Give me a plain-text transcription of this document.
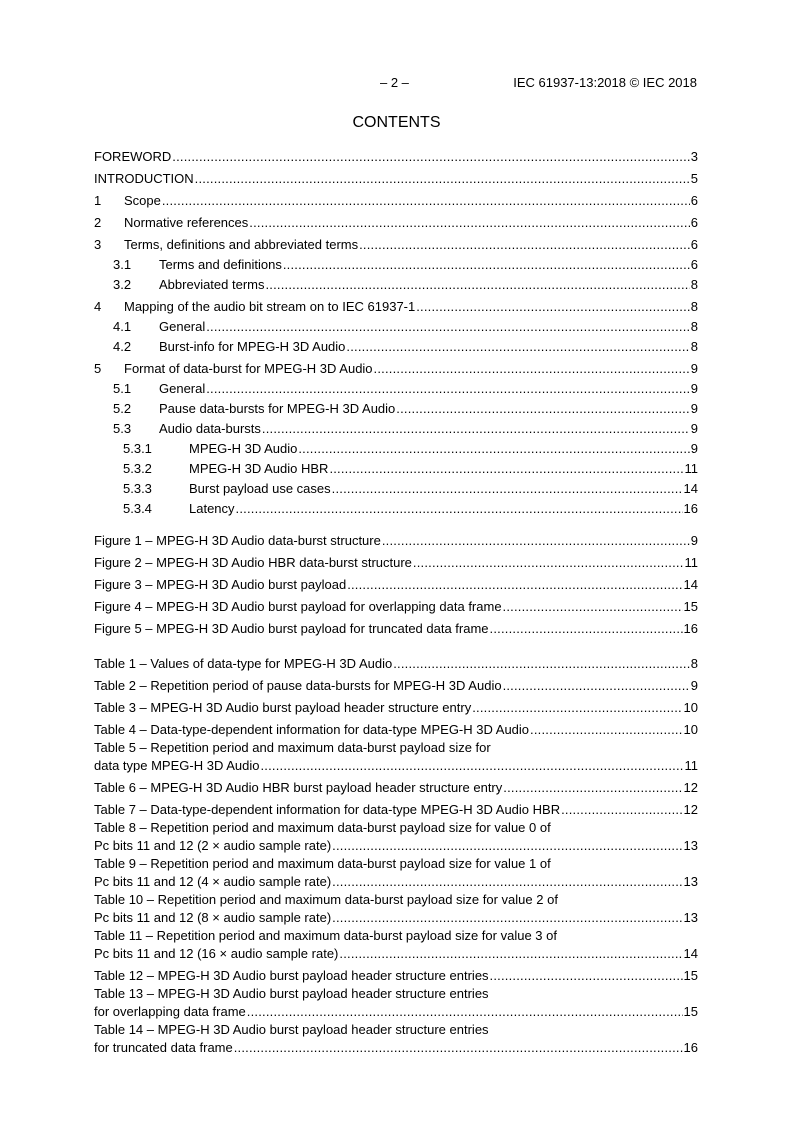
– 2 –	IEC 61937-13:2018 © IEC 2018
CONTENTS
FOREWORD .....	3
INTRODUCTION .....	5
1	Scope .....	6
2	Normative references .....	6
3	Terms, definitions and abbreviated terms .....	6
3.1	Terms and definitions .....	6
3.2	Abbreviated terms .....	8
4	Mapping of the audio bit stream on to IEC 61937-1 .....	8
4.1	General .....	8
4.2	Burst-info for MPEG-H 3D Audio .....	8
5	Format of data-burst for MPEG-H 3D Audio .....	9
5.1	General .....	9
5.2	Pause data-bursts for MPEG-H 3D Audio .....	9
5.3	Audio data-bursts .....	9
5.3.1	MPEG-H 3D Audio .....	9
5.3.2	MPEG-H 3D Audio HBR .....	11
5.3.3	Burst payload use cases .....	14
5.3.4	Latency .....	16
Figure 1 – MPEG-H 3D Audio data-burst structure .....	9
Figure 2 – MPEG-H 3D Audio HBR data-burst structure .....	11
Figure 3 – MPEG-H 3D Audio burst payload .....	14
Figure 4 – MPEG-H 3D Audio burst payload for overlapping data frame .....	15
Figure 5 – MPEG-H 3D Audio burst payload for truncated data frame .....	16
Table 1 – Values of data-type for MPEG-H 3D Audio .....	8
Table 2 – Repetition period of pause data-bursts for MPEG-H 3D Audio .....	9
Table 3 – MPEG-H 3D Audio burst payload header structure entry .....	10
Table 4 – Data-type-dependent information for data-type MPEG-H 3D Audio .....	10
Table 5 – Repetition period and maximum data-burst payload size for
data type MPEG-H 3D Audio .....	11
Table 6 – MPEG-H 3D Audio HBR burst payload header structure entry .....	12
Table 7 – Data-type-dependent information for data-type MPEG-H 3D Audio HBR .....	12
Table 8 – Repetition period and maximum data-burst payload size for value 0 of
Pc bits 11 and 12 (2 × audio sample rate) .....	13
Table 9 – Repetition period and maximum data-burst payload size for value 1 of
Pc bits 11 and 12 (4 × audio sample rate) .....	13
Table 10 – Repetition period and maximum data-burst payload size for value 2 of
Pc bits 11 and 12 (8 × audio sample rate) .....	13
Table 11 – Repetition period and maximum data-burst payload size for value 3 of
Pc bits 11 and 12 (16 × audio sample rate) .....	14
Table 12 – MPEG-H 3D Audio burst payload header structure entries .....	15
Table 13 – MPEG-H 3D Audio burst payload header structure entries
for overlapping data frame .....	15
Table 14 – MPEG-H 3D Audio burst payload header structure entries
for truncated data frame .....	16
